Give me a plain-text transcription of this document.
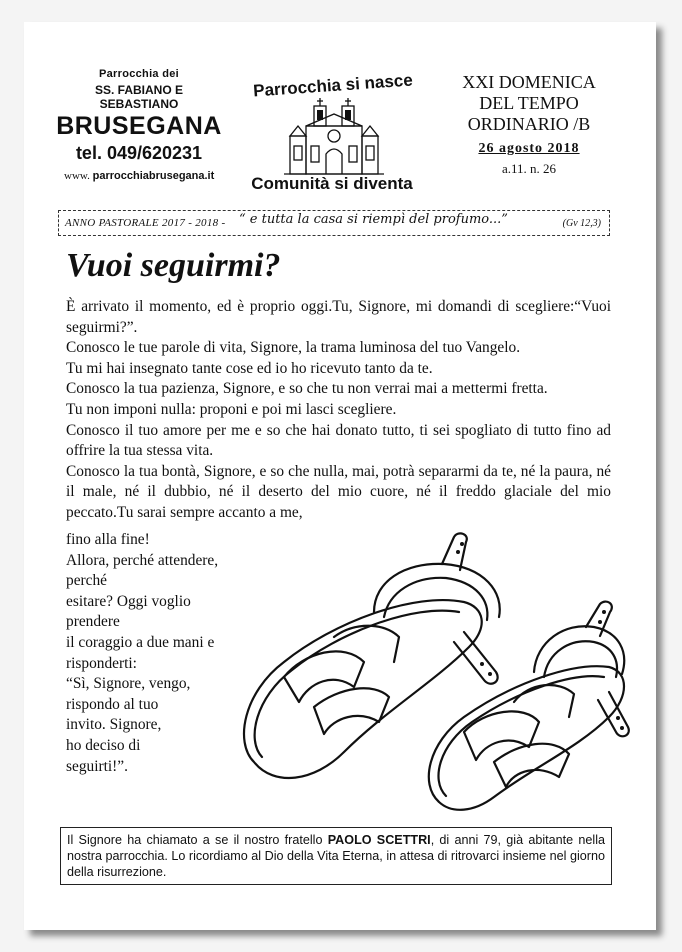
Parrocchia dei
SS. FABIANO E SEBASTIANO
BRUSEGANA
tel. 049/620231
www. parrocchiabrusegana.it
Parrocchia si nasce
Comunità si diventa
XXI DOMENICA
DEL TEMPO
ORDINARIO /B
26 agosto 2018
a.11. n. 26
ANNO PASTORALE 2017 - 2018 - “ e tutta la casa si riempì del profumo...”	(Gv 12,3)
Vuoi seguirmi?

È arrivato il momento, ed è proprio oggi.Tu, Signore, mi domandi di scegliere:“Vuoi seguirmi?”.

Conosco le tue parole di vita, Signore, la trama luminosa del tuo Vangelo.

Tu mi hai insegnato tante cose ed io ho ricevuto tanto da te.

Conosco la tua pazienza, Signore, e so che tu non verrai mai a mettermi fretta.

Tu non imponi nulla: proponi e poi mi lasci scegliere.

Conosco il tuo amore per me e so che hai donato tutto, ti sei spogliato di tutto fino ad offrire la tua stessa vita.

Conosco la tua bontà, Signore, e so che nulla, mai, potrà separarmi da te, né la paura, né il male, né il dubbio, né il deserto del mio cuore, né il freddo glaciale del mio peccato.Tu sarai sempre accanto a me,

fino alla fine!

Allora, perché attendere, perché

esitare? Oggi voglio prendere

il coraggio a due mani e

risponderti:

“Sì, Signore, vengo,

rispondo al tuo

invito. Signore,

ho deciso di

seguirti!”.

Il Signore ha chiamato a se il nostro fratello PAOLO SCETTRI, di anni 79, già abitante nella nostra parrocchia. Lo ricordiamo al Dio della Vita Eterna, in attesa di ritrovarci insieme nel giorno della risurrezione.
